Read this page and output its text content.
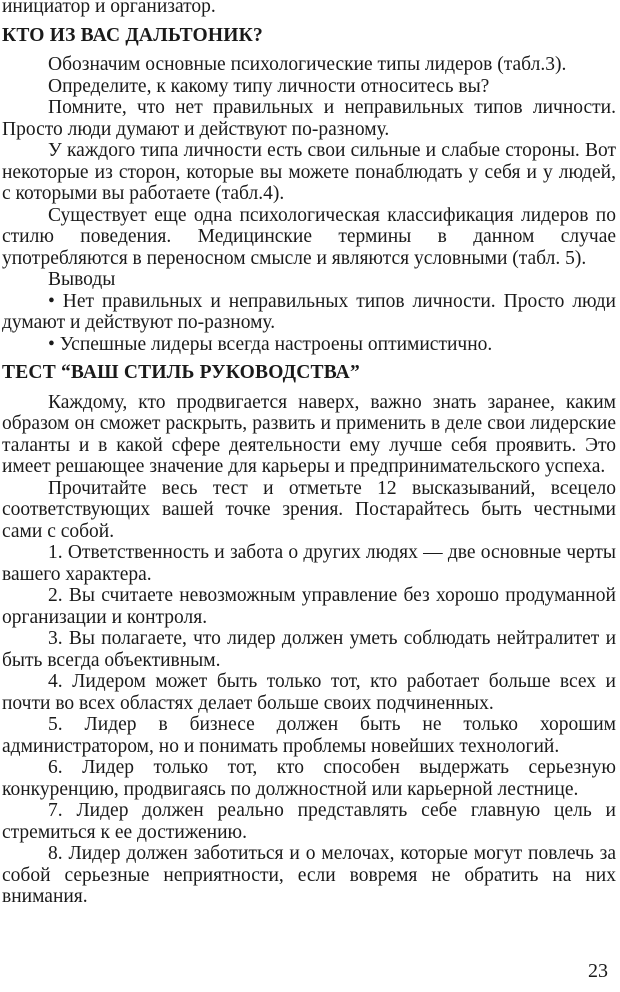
инициатор и организатор.

КТО ИЗ ВАС ДАЛЬТОНИК?

Обозначим основные психологические типы лидеров (табл.3).

Определите, к какому типу личности относитесь вы?

Помните, что нет правильных и неправильных типов личности. Просто люди думают и действуют по-разному.

У каждого типа личности есть свои сильные и слабые стороны. Вот некоторые из сторон, которые вы можете понаблюдать у себя и у людей, с которыми вы работаете (табл.4).

Существует еще одна психологическая классификация лидеров по стилю поведения. Медицинские термины в данном случае употребляются в переносном смысле и являются условными (табл. 5).

Выводы

• Нет правильных и неправильных типов личности. Просто люди думают и действуют по-разному.

• Успешные лидеры всегда настроены оптимистично.

ТЕСТ “ВАШ СТИЛЬ РУКОВОДСТВА”

Каждому, кто продвигается наверх, важно знать заранее, каким образом он сможет раскрыть, развить и применить в деле свои лидерские таланты и в какой сфере деятельности ему лучше себя проявить. Это имеет решающее значение для карьеры и предпринимательского успеха.

Прочитайте весь тест и отметьте 12 высказываний, всецело соответствующих вашей точке зрения. Постарайтесь быть честными сами с собой.

1. Ответственность и забота о других людях — две основные черты вашего характера.

2. Вы считаете невозможным управление без хорошо продуманной организации и контроля.

3. Вы полагаете, что лидер должен уметь соблюдать нейтралитет и быть всегда объективным.

4. Лидером может быть только тот, кто работает больше всех и почти во всех областях делает больше своих подчиненных.

5. Лидер в бизнесе должен быть не только хорошим администратором, но и понимать проблемы новейших технологий.

6. Лидер только тот, кто способен выдержать серьезную конкуренцию, продвигаясь по должностной или карьерной лестнице.

7. Лидер должен реально представлять себе главную цель и стремиться к ее достижению.

8. Лидер должен заботиться и о мелочах, которые могут повлечь за собой серьезные неприятности, если вовремя не обратить на них внимания.

23
